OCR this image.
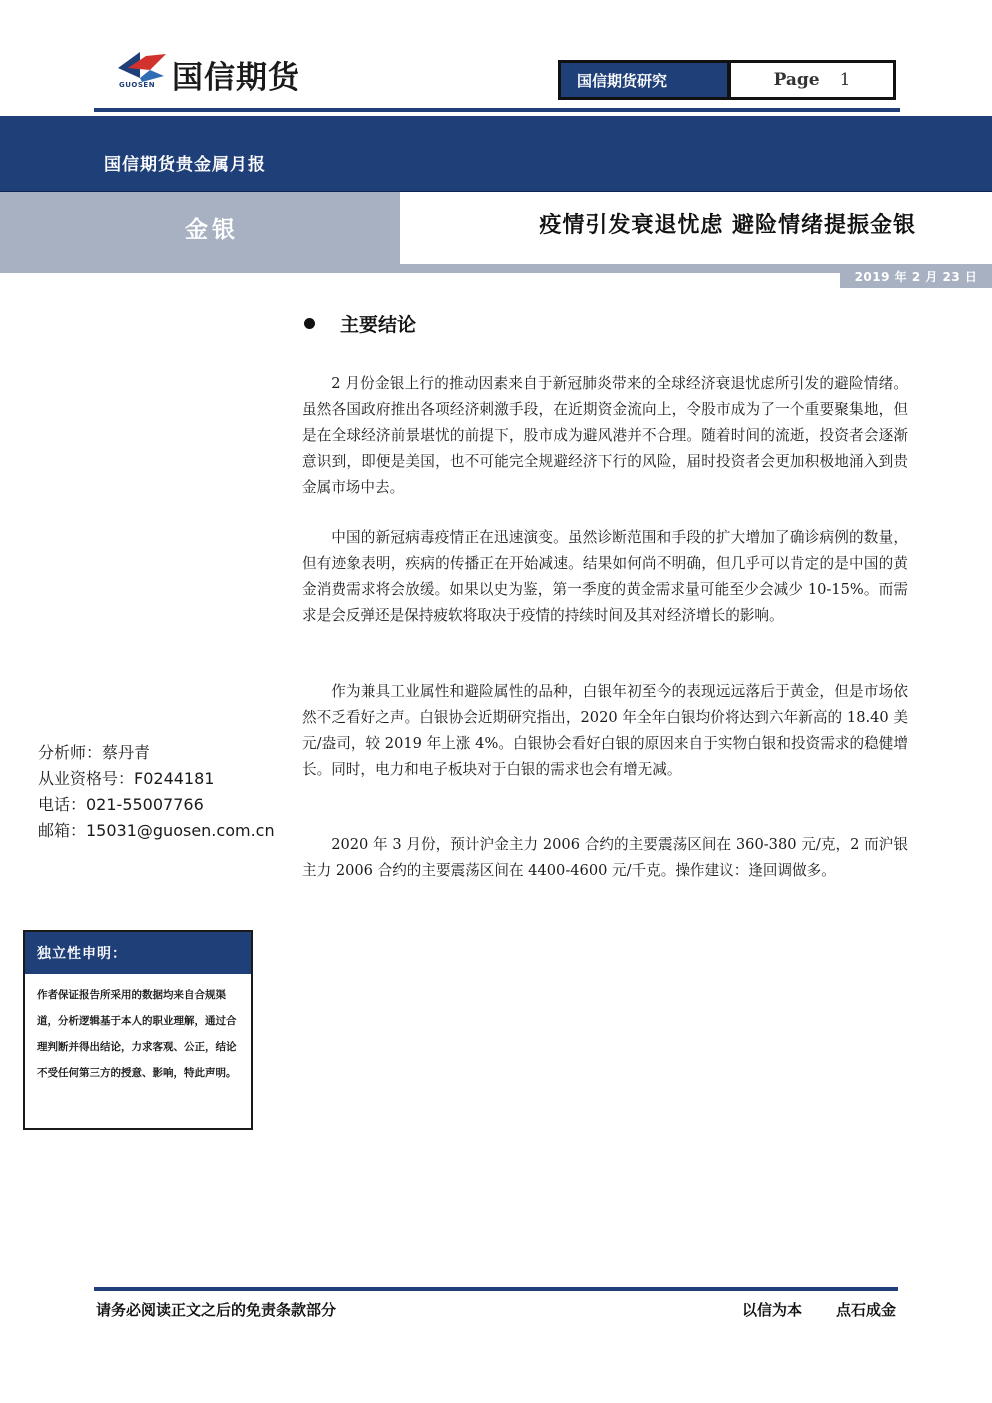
国信期货
GUOSEN	国信期货研究	Page 1
国信期货贵金属月报
金银	疫情引发衰退忧虑 避险情绪提振金银
2019 年 2 月 23 日
主要结论
2 月份金银上行的推动因素来自于新冠肺炎带来的全球经济衰退忧虑所引发的避险情绪。虽然各国政府推出各项经济刺激手段，在近期资金流向上，令股市成为了一个重要聚集地，但是在全球经济前景堪忧的前提下，股市成为避风港并不合理。随着时间的流逝，投资者会逐渐意识到，即便是美国，也不可能完全规避经济下行的风险，届时投资者会更加积极地涌入到贵金属市场中去。
中国的新冠病毒疫情正在迅速演变。虽然诊断范围和手段的扩大增加了确诊病例的数量，但有迹象表明，疾病的传播正在开始减速。结果如何尚不明确，但几乎可以肯定的是中国的黄金消费需求将会放缓。如果以史为鉴，第一季度的黄金需求量可能至少会减少 10-15%。而需求是会反弹还是保持疲软将取决于疫情的持续时间及其对经济增长的影响。
作为兼具工业属性和避险属性的品种，白银年初至今的表现远远落后于黄金，但是市场依然不乏看好之声。白银协会近期研究指出，2020 年全年白银均价将达到六年新高的 18.40 美元/盎司，较 2019 年上涨 4%。白银协会看好白银的原因来自于实物白银和投资需求的稳健增长。同时，电力和电子板块对于白银的需求也会有增无减。
2020 年 3 月份，预计沪金主力 2006 合约的主要震荡区间在 360-380 元/克，2 而沪银主力 2006 合约的主要震荡区间在 4400-4600 元/千克。操作建议：逢回调做多。
分析师：蔡丹青
从业资格号：F0244181
电话：021-55007766
邮箱：15031@guosen.com.cn
独立性申明：
作者保证报告所采用的数据均来自合规渠道，分析逻辑基于本人的职业理解，通过合理判断并得出结论，力求客观、公正，结论不受任何第三方的授意、影响，特此声明。
请务必阅读正文之后的免责条款部分	以信为本 点石成金
